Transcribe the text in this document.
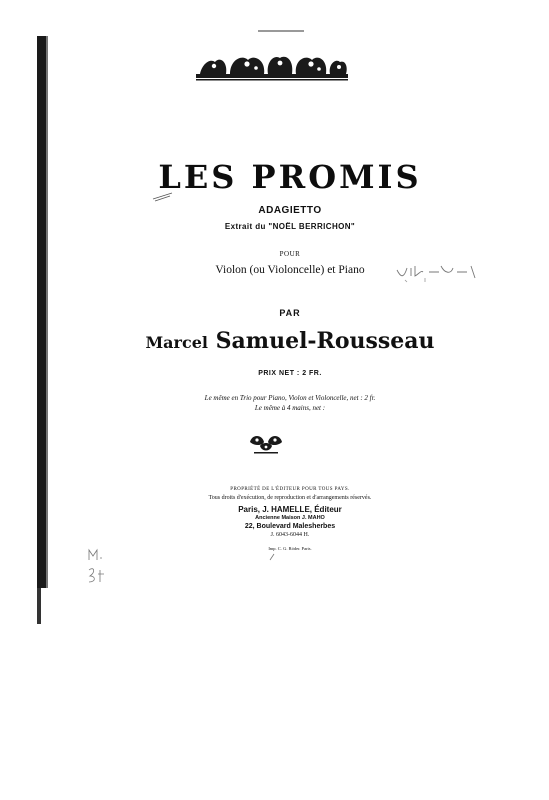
LES PROMIS
ADAGIETTO
Extrait du "NOËL BERRICHON"
POUR
Violon (ou Violoncelle) et Piano
PAR
Marcel Samuel-Rousseau
PRIX NET : 2 FR.
Le même en Trio pour Piano, Violon et Violoncelle, net : 2 fr.
Le même à 4 mains, net :
PROPRIÉTÉ DE L'ÉDITEUR POUR TOUS PAYS.
Tous droits d'exécution, de reproduction et d'arrangements réservés.
Paris, J. HAMELLE, Éditeur
Ancienne Maison J. MAHO
22, Boulevard Malesherbes
J. 6043-6044 H.
Imp. C. G. Röder. Paris.
